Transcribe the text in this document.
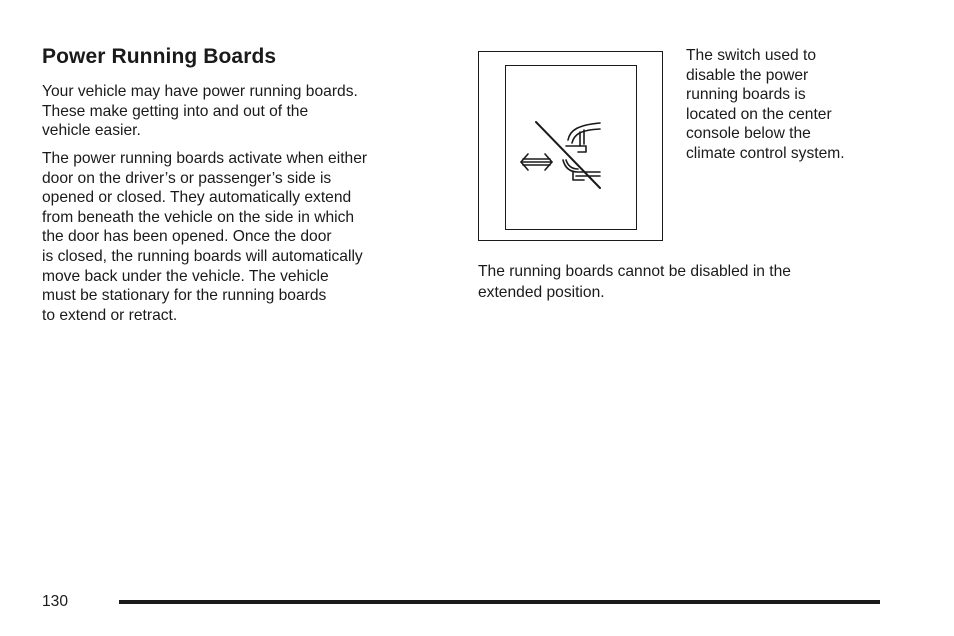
Power Running Boards

Your vehicle may have power running boards.
These make getting into and out of the
vehicle easier.

The power running boards activate when either
door on the driver’s or passenger’s side is
opened or closed. They automatically extend
from beneath the vehicle on the side in which
the door has been opened. Once the door
is closed, the running boards will automatically
move back under the vehicle. The vehicle
must be stationary for the running boards
to extend or retract.

The switch used to
disable the power
running boards is
located on the center
console below the
climate control system.

The running boards cannot be disabled in the
extended position.

130
